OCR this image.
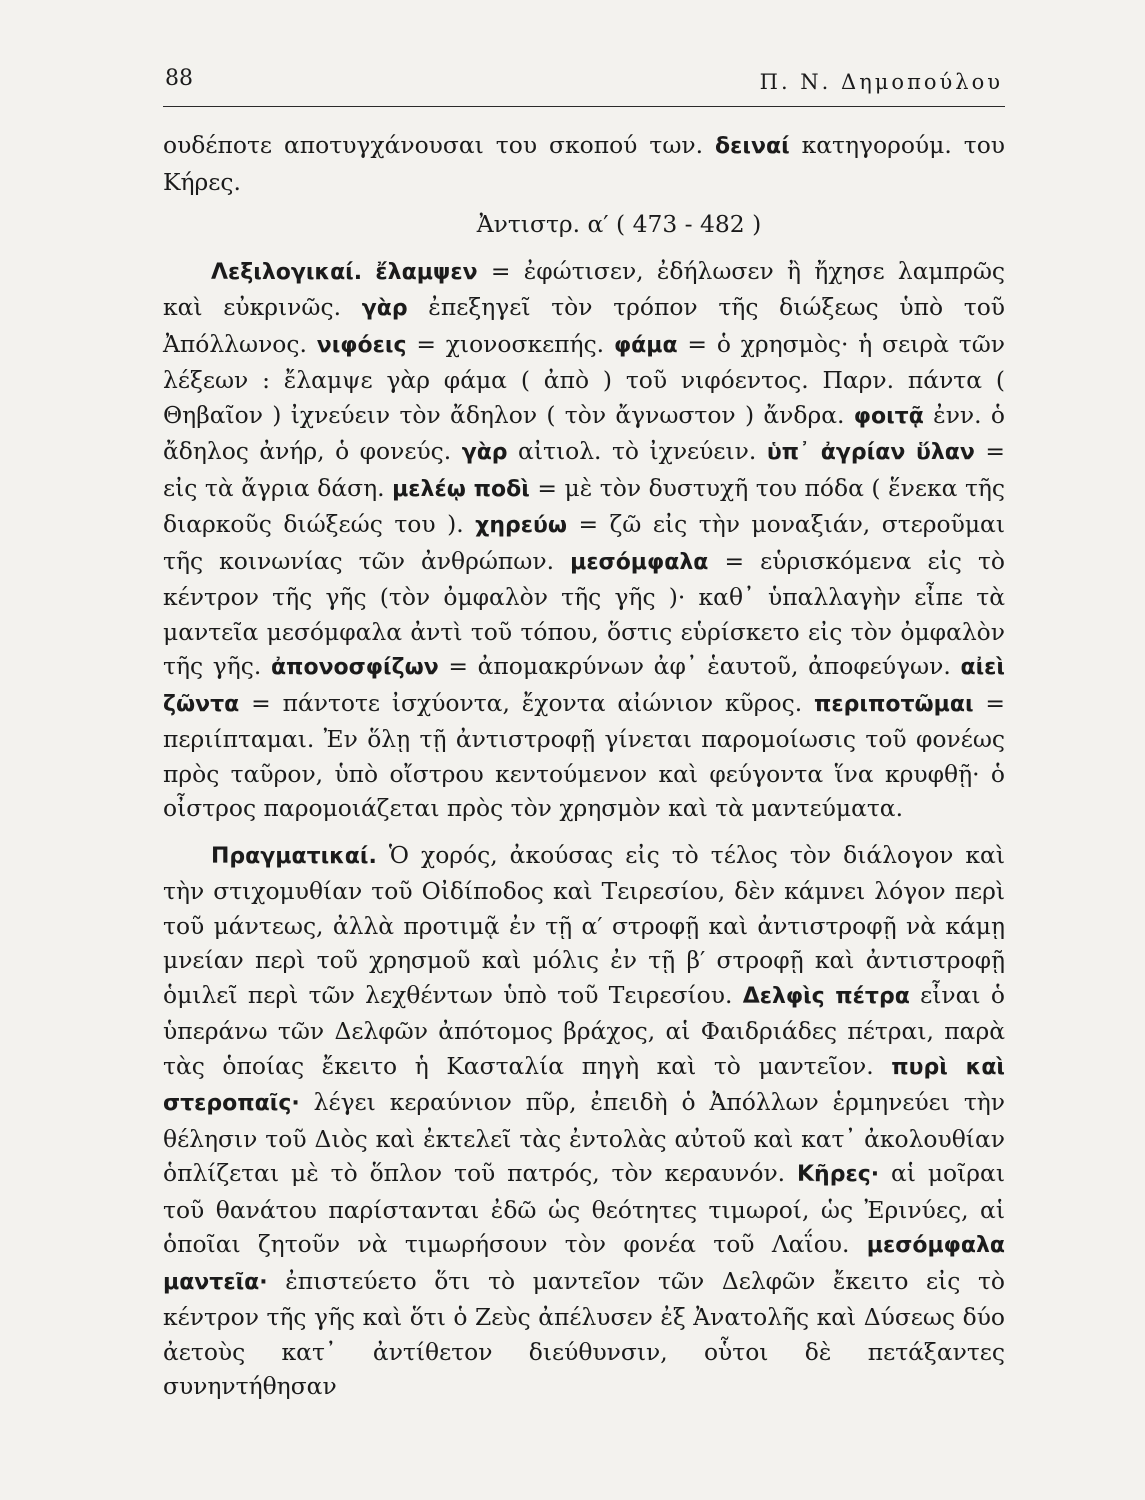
88	Π. Ν. Δημοπούλου

ουδέποτε αποτυγχάνουσαι του σκοπού των. δειναί κατηγορούμ. του Κήρες.

Ἀντιστρ. α′ ( 473 - 482 )

Λεξιλογικαί. ἔλαμψεν = ἐφώτισεν, ἐδήλωσεν ἢ ἤχησε λαμπρῶς καὶ εὐκρινῶς. γὰρ ἐπεξηγεῖ τὸν τρόπον τῆς διώξεως ὑπὸ τοῦ Ἀπόλλωνος. νιφόεις = χιονοσκεπής. φάμα = ὁ χρησμὸς· ἡ σειρὰ τῶν λέξεων : ἔλαμψε γὰρ φάμα ( ἀπὸ ) τοῦ νιφόεντος. Παρν. πάντα ( Θηβαῖον ) ἰχνεύειν τὸν ἄδηλον ( τὸν ἄγνωστον ) ἄνδρα. φοιτᾷ ἐνν. ὁ ἄδηλος ἀνήρ, ὁ φονεύς. γὰρ αἰτιολ. τὸ ἰχνεύειν. ὑπ᾽ ἀγρίαν ὕλαν = εἰς τὰ ἄγρια δάση. μελέῳ ποδὶ = μὲ τὸν δυστυχῆ του πόδα ( ἕνεκα τῆς διαρκοῦς διώξεώς του ). χηρεύω = ζῶ εἰς τὴν μοναξιάν, στεροῦμαι τῆς κοινωνίας τῶν ἀνθρώπων. μεσόμφαλα = εὑρισκόμενα εἰς τὸ κέντρον τῆς γῆς (τὸν ὀμφαλὸν τῆς γῆς )· καθ᾽ ὑπαλλαγὴν εἶπε τὰ μαντεῖα μεσόμφαλα ἀντὶ τοῦ τόπου, ὅστις εὑρίσκετο εἰς τὸν ὀμφαλὸν τῆς γῆς. ἀπονοσφίζων = ἀπομακρύνων ἀφ᾽ ἑαυτοῦ, ἀποφεύγων. αἰεὶ ζῶντα = πάντοτε ἰσχύοντα, ἔχοντα αἰώνιον κῦρος. περιποτῶμαι = περιίπταμαι. Ἐν ὅλῃ τῇ ἀντιστροφῇ γίνεται παρομοίωσις τοῦ φονέως πρὸς ταῦρον, ὑπὸ οἴστρου κεντούμενον καὶ φεύγοντα ἵνα κρυφθῇ· ὁ οἶστρος παρομοιάζεται πρὸς τὸν χρησμὸν καὶ τὰ μαντεύματα.

Πραγματικαί. Ὁ χορός, ἀκούσας εἰς τὸ τέλος τὸν διάλογον καὶ τὴν στιχομυθίαν τοῦ Οἰδίποδος καὶ Τειρεσίου, δὲν κάμνει λόγον περὶ τοῦ μάντεως, ἀλλὰ προτιμᾷ ἐν τῇ α′ στροφῇ καὶ ἀντιστροφῇ νὰ κάμῃ μνείαν περὶ τοῦ χρησμοῦ καὶ μόλις ἐν τῇ β′ στροφῇ καὶ ἀντιστροφῇ ὁμιλεῖ περὶ τῶν λεχθέντων ὑπὸ τοῦ Τειρεσίου. Δελφὶς πέτρα εἶναι ὁ ὑπεράνω τῶν Δελφῶν ἀπότομος βράχος, αἱ Φαιδριάδες πέτραι, παρὰ τὰς ὁποίας ἔκειτο ἡ Κασταλία πηγὴ καὶ τὸ μαντεῖον. πυρὶ καὶ στεροπαῖς· λέγει κεραύνιον πῦρ, ἐπειδὴ ὁ Ἀπόλλων ἑρμηνεύει τὴν θέλησιν τοῦ Διὸς καὶ ἐκτελεῖ τὰς ἐντολὰς αὐτοῦ καὶ κατ᾽ ἀκολουθίαν ὁπλίζεται μὲ τὸ ὅπλον τοῦ πατρός, τὸν κεραυνόν. Κῆρες· αἱ μοῖραι τοῦ θανάτου παρίστανται ἐδῶ ὡς θεότητες τιμωροί, ὡς Ἐρινύες, αἱ ὁποῖαι ζητοῦν νὰ τιμωρήσουν τὸν φονέα τοῦ Λαΐου. μεσόμφαλα μαντεῖα· ἐπιστεύετο ὅτι τὸ μαντεῖον τῶν Δελφῶν ἔκειτο εἰς τὸ κέντρον τῆς γῆς καὶ ὅτι ὁ Ζεὺς ἀπέλυσεν ἐξ Ἀνατολῆς καὶ Δύσεως δύο ἀετοὺς κατ᾽ ἀντίθετον διεύθυνσιν, οὗτοι δὲ πετάξαντες συνηντήθησαν
